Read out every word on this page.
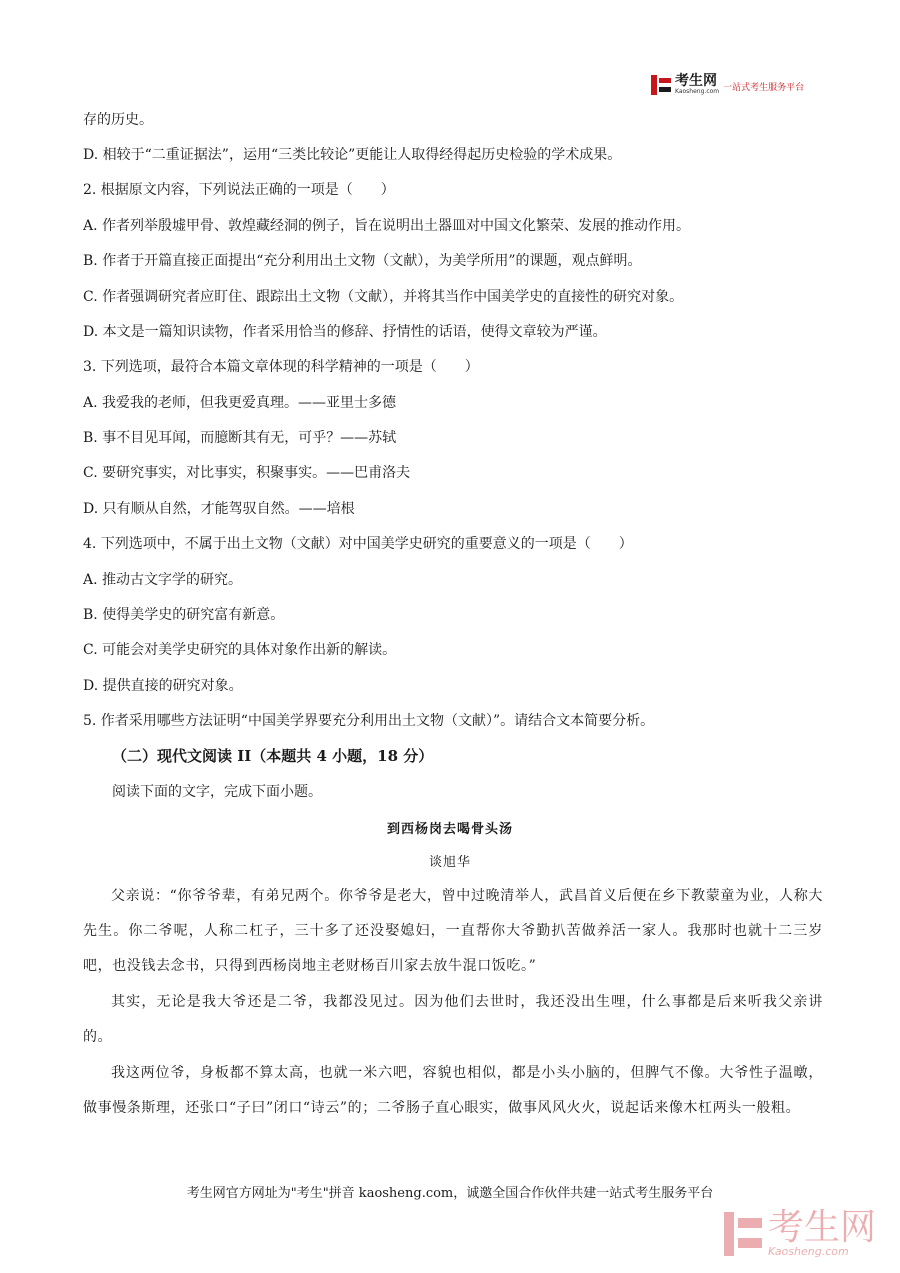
考生网
Kaosheng.com 一站式考生服务平台
存的历史。
D. 相较于“二重证据法”，运用“三类比较论”更能让人取得经得起历史检验的学术成果。
2. 根据原文内容，下列说法正确的一项是（　　）
A. 作者列举殷墟甲骨、敦煌藏经洞的例子，旨在说明出土器皿对中国文化繁荣、发展的推动作用。
B. 作者于开篇直接正面提出“充分利用出土文物（文献），为美学所用”的课题，观点鲜明。
C. 作者强调研究者应盯住、跟踪出土文物（文献），并将其当作中国美学史的直接性的研究对象。
D. 本文是一篇知识读物，作者采用恰当的修辞、抒情性的话语，使得文章较为严谨。
3. 下列选项，最符合本篇文章体现的科学精神的一项是（　　）
A. 我爱我的老师，但我更爱真理。——亚里士多德
B. 事不目见耳闻，而臆断其有无，可乎？——苏轼
C. 要研究事实，对比事实，积聚事实。——巴甫洛夫
D. 只有顺从自然，才能驾驭自然。——培根
4. 下列选项中，不属于出土文物（文献）对中国美学史研究的重要意义的一项是（　　）
A. 推动古文字学的研究。
B. 使得美学史的研究富有新意。
C. 可能会对美学史研究的具体对象作出新的解读。
D. 提供直接的研究对象。
5. 作者采用哪些方法证明“中国美学界要充分利用出土文物（文献）”。请结合文本简要分析。
（二）现代文阅读 II（本题共 4 小题，18 分）
阅读下面的文字，完成下面小题。
到西杨岗去喝骨头汤
谈旭华
父亲说：“你爷爷辈，有弟兄两个。你爷爷是老大，曾中过晚清举人，武昌首义后便在乡下教蒙童为业，人称大先生。你二爷呢，人称二杠子，三十多了还没娶媳妇，一直帮你大爷勤扒苦做养活一家人。我那时也就十二三岁吧，也没钱去念书，只得到西杨岗地主老财杨百川家去放牛混口饭吃。”
其实，无论是我大爷还是二爷，我都没见过。因为他们去世时，我还没出生哩，什么事都是后来听我父亲讲的。
我这两位爷，身板都不算太高，也就一米六吧，容貌也相似，都是小头小脑的，但脾气不像。大爷性子温暾，做事慢条斯理，还张口“子曰”闭口“诗云”的；二爷肠子直心眼实，做事风风火火，说起话来像木杠两头一般粗。
考生网官方网址为"考生"拼音 kaosheng.com，诚邀全国合作伙伴共建一站式考生服务平台
考生网
Kaosheng.com
